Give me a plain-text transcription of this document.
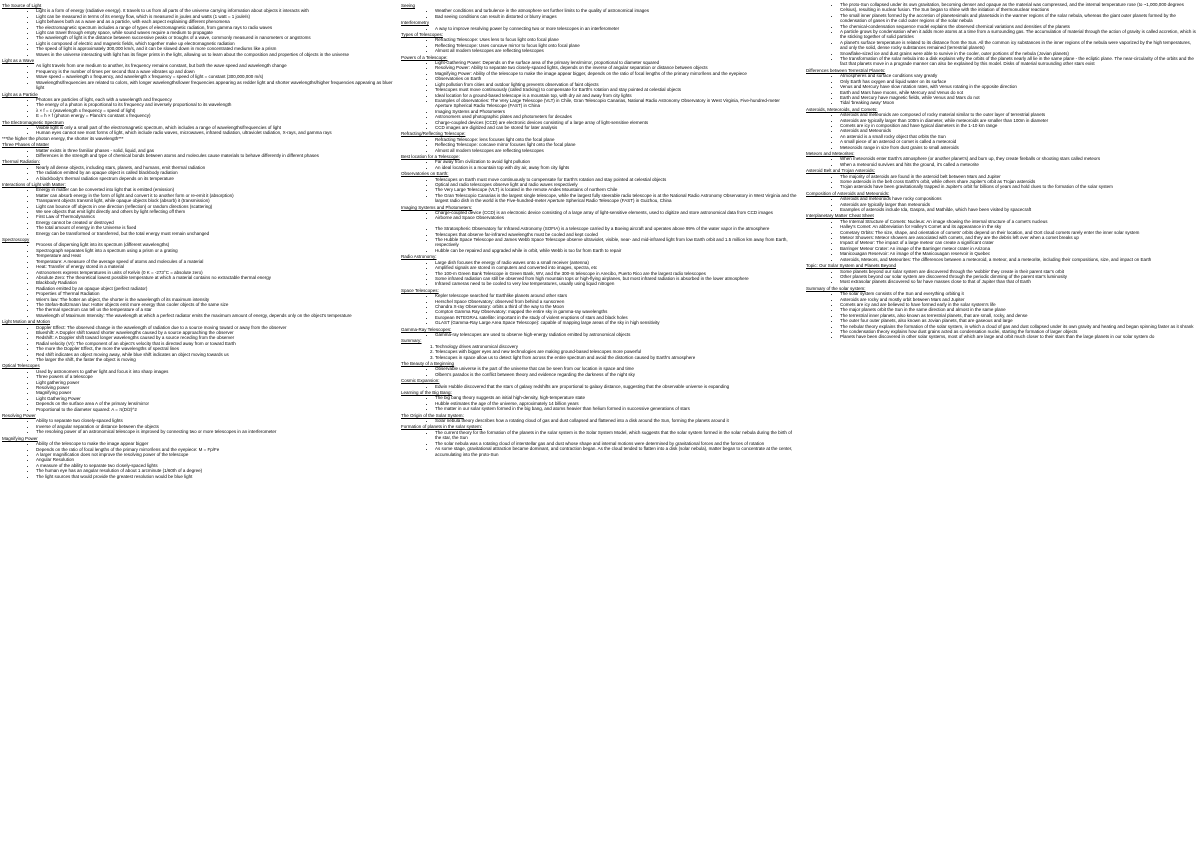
The Source of Light
• Light is a form of energy (radiative energy). It travels to us from all parts of the universe carrying information about objects it interacts with
• Light can be measured in terms of its energy flow, which is measured in joules and watts (1 watt = 1 joule/s)
• Light behaves both as a wave and as a particle, with each aspect explaining different phenomena
• The electromagnetic spectrum includes a range of types of electromagnetic radiation, from gamma rays to radio waves
• Light can travel through empty space, while sound waves require a medium to propagate
• The wavelength of light is the distance between successive peaks or troughs of a wave, commonly measured in nanometers or angstroms
• Light is composed of electric and magnetic fields, which together make up electromagnetic radiation
• The speed of light is approximately 300,000 km/s, and it can be slowed down in more concentrated mediums like a prism
• Waves in the universe interacting with light has its finger prints in the light, allowing us to learn about the composition and properties of objects in the universe
Light as a Wave
• As light travels from one medium to another, its frequency remains constant, but both the wave speed and wavelength change
• Frequency is the number of times per second that a wave vibrates up and down
• Wave speed = wavelength x frequency, and wavelength x frequency = speed of light = constant (300,000,000 m/s)
• Wavelengths/frequencies are related to colors, with longer wavelengths/lower frequencies appearing as redder light and shorter wavelengths/higher frequencies appearing as bluer light
Light as a Particle
• Photons are particles of light, each with a wavelength and frequency
• The energy of a photon is proportional to its frequency and inversely proportional to its wavelength
• λ × f = c (wavelength x frequency = speed of light)
• E = h × f (photon energy = Planck's constant x frequency)
The Electromagnetic Spectrum
• Visible light is only a small part of the electromagnetic spectrum, which includes a range of wavelengths/frequencies of light
• Human eyes cannot see most forms of light, which include radio waves, microwaves, infrared radiation, ultraviolet radiation, X-rays, and gamma rays
***the higher the photon energy, the shorter its wavelength***
Three Phases of Matter
• Matter exists in three familiar phases - solid, liquid, and gas
• Differences in the strength and type of chemical bonds between atoms and molecules cause materials to behave differently in different phases
Thermal Radiation:
• Nearly all dense objects, including stars, planets, and humans, emit thermal radiation
• The radiation emitted by an opaque object is called blackbody radiation
• A blackbody's thermal radiation spectrum depends on its temperature
Interactions of Light with Matter:
• Energy in matter can be converted into light that is emitted (emission)
• Matter can absorb energy in the form of light and convert it to another form or re-emit it (absorption)
• Transparent objects transmit light, while opaque objects block (absorb) it (transmission)
• Light can bounce off objects in one direction (reflection) or random directions (scattering)
• We see objects that emit light directly and others by light reflecting off them
• First Law of Thermodynamics
• Energy cannot be created or destroyed
• The total amount of energy in the Universe is fixed
• Energy can be transformed or transferred, but the total energy must remain unchanged
Spectroscopy
• Process of dispersing light into its spectrum (different wavelengths)
• Spectrograph separates light into a spectrum using a prism or a grating
• Temperature and Heat
• Temperature: A measure of the average speed of atoms and molecules of a material
• Heat: Transfer of energy stored in a material
• Astronomers express temperatures in units of Kelvin (0 K = -273°C = absolute zero)
• Absolute Zero: The theoretical lowest possible temperature at which a material contains no extractable thermal energy
• Blackbody Radiation
• Radiation emitted by an opaque object (perfect radiator)
• Properties of Thermal Radiation
• Wien's law: The hotter an object, the shorter is the wavelength of its maximum intensity
• The Stefan-Boltzmann law: Hotter objects emit more energy than cooler objects of the same size
• The thermal spectrum can tell us the temperature of a star
• Wavelength of Maximum Intensity: The wavelength at which a perfect radiator emits the maximum amount of energy, depends only on the object's temperature
Light Motion and Motion
• Doppler Effect: The observed change in the wavelength of radiation due to a source moving toward or away from the observer
• Blueshift: A Doppler shift toward shorter wavelengths caused by a source approaching the observer
• Redshift: A Doppler shift toward longer wavelengths caused by a source receding from the observer
• Radial velocity (Vr): The component of an object's velocity that is directed away from or toward Earth
• The more the Doppler Effect, the more the wavelengths of spectral lines
• Red shift indicates an object moving away, while blue shift indicates an object moving towards us
• The larger the shift, the faster the object is moving
Optical Telescopes
• Used by astronomers to gather light and focus it into sharp images
• Three powers of a telescope
• Light gathering power
• Resolving power
• Magnifying power
• Light Gathering Power
• Depends on the surface area A of the primary lens/mirror
• Proportional to the diameter squared: A = π(D/2)^2
Resolving Power
• Ability to separate two closely-spaced lights
• Inverse of angular separation or distance between the objects
• The resolving power of an astronomical telescope is improved by connecting two or more telescopes in an interferometer
Magnifying Power
• Ability of the telescope to make the image appear bigger
• Depends on the ratio of focal lengths of the primary mirror/lens and the eyepiece: M = Fp/Fe
• A larger magnification does not improve the resolving power of the telescope
• Angular Resolution
• A measure of the ability to separate two closely-spaced lights
• The human eye has an angular resolution of about 1 arcminute (1/60th of a degree)
• The light sources that would provide the greatest resolution would be blue light
Seeing
• Weather conditions and turbulence in the atmosphere set further limits to the quality of astronomical images
• Bad seeing conditions can result in distorted or blurry images
Interferometry
• A way to improve resolving power by connecting two or more telescopes in an interferometer
Types of Telescopes:
• Refracting Telescope: Uses lens to focus light onto focal plane
• Reflecting Telescope: Uses concave mirror to focus light onto focal plane
• Almost all modern telescopes are reflecting telescopes
Powers of a Telescope:
• Light-Gathering Power: Depends on the surface area of the primary lens/mirror, proportional to diameter squared
• Resolving Power: Ability to separate two closely-spaced lights, depends on the inverse of angular separation or distance between objects
• Magnifying Power: Ability of the telescope to make the image appear bigger, depends on the ratio of focal lengths of the primary mirror/lens and the eyepiece
• Observatories on Earth
• Light pollution from cities and outdoor lighting prevents observation of faint objects
• Telescopes must move continuously (called tracking) to compensate for Earth's rotation and stay pointed at celestial objects
• Ideal location for a ground-based telescope is a mountain top, with dry air and away from city lights
• Examples of observatories: The Very Large Telescope (VLT) in Chile, Gran Telescopio Canarias, National Radio Astronomy Observatory in West Virginia, Five-hundred-meter Aperture Spherical Radio Telescope (FAST) in China
• Imaging Systems and Photometers
• Astronomers used photographic plates and photometers for decades
• Charge-coupled devices (CCD) are electronic devices consisting of a large array of light-sensitive elements
• CCD images are digitized and can be stored for later analysis
Refracting/Reflecting Telescope:
• Refracting Telescope: lens focuses light onto the focal plane
• Reflecting Telescope: concave mirror focuses light onto the focal plane
• Almost all modern telescopes are reflecting telescopes
Best location for a Telescope:
• Far away from civilization to avoid light pollution
• An ideal location is a mountain top with dry air, away from city lights
Observatories on Earth:
• Telescopes on Earth must move continuously to compensate for Earth's rotation and stay pointed at celestial objects
• Optical and radio telescopes observe light and radio waves respectively
• The Very Large Telescope (VLT) is located in the remote Andes Mountains of northern Chile
• The Gran Telescopio Canarias is the largest single telescope, while the largest fully steerable radio telescope is at the National Radio Astronomy Observatory in West Virginia and the largest radio dish in the world is the Five-hundred-meter Aperture Spherical Radio Telescope (FAST) in Guizhou, China
Imaging Systems and Photometers:
• Charge-coupled device (CCD) is an electronic device consisting of a large array of light-sensitive elements, used to digitize and store astronomical data from CCD images
• Airborne and Space Observatories

• The Stratospheric Observatory for Infrared Astronomy (SOFIA) is a telescope carried by a Boeing aircraft and operates above 99% of the water vapor in the atmosphere
• Telescopes that observe far-infrared wavelengths must be cooled and kept cooled
• The Hubble Space Telescope and James Webb Space Telescope observe ultraviolet, visible, near- and mid-infrared light from low Earth orbit and 1.5 million km away from Earth, respectively
• Hubble can be repaired and upgraded while in orbit, while Webb is too far from Earth to repair
Radio Astronomy:
• Large dish focuses the energy of radio waves onto a small receiver (antenna)
• Amplified signals are stored in computers and converted into images, spectra, etc
• The 100-m Green Bank Telescope in Green Bank, WV, and the 300-m telescope in Arecibo, Puerto Rico are the largest radio telescopes
• Some infrared radiation can still be observed from high mountain tops or high-flying airplanes, but most infrared radiation is absorbed in the lower atmosphere
• Infrared cameras need to be cooled to very low temperatures, usually using liquid nitrogen
Space Telescopes:
• Kepler telescope searched for Earthlike planets around other stars
• Herschel Space Observatory: observed from behind a sunscreen
• Chandra X-ray Observatory: orbits a third of the way to the Moon
• Compton Gamma Ray Observatory: mapped the entire sky in gamma-ray wavelengths
• European INTEGRAL satellite: important in the study of violent eruptions of stars and black holes
• GLAST (Gamma-Ray Large Area Space Telescope): capable of mapping large areas of the sky in high sensitivity
Gamma-Ray Telescopes:
• Gamma-ray telescopes are used to observe high-energy radiation emitted by astronomical objects
Summary:
1. Technology drives astronomical discovery
2. Telescopes with bigger eyes and new technologies are making ground-based telescopes more powerful
3. Telescopes in space allow us to detect light from across the entire spectrum and avoid the distortion caused by Earth's atmosphere
The Beauty of a Beginning
• Observable universe is the part of the universe that can be seen from our location in space and time
• Olbers's paradox is the conflict between theory and evidence regarding the darkness of the night sky
Cosmic Expansion:
• Edwin Hubble discovered that the stars of galaxy redshifts are proportional to galaxy distance, suggesting that the observable universe is expanding
Learning of the Big Bang:
• The big bang theory suggests an initial high-density, high-temperature state
• Hubble estimates the age of the universe, approximately 14 billion years
• The matter in our solar system formed in the big bang, and atoms heavier than helium formed in successive generations of stars
The Origin of the Solar System:
• Solar nebula theory describes how a rotating cloud of gas and dust collapsed and flattened into a disk around the Sun, forming the planets around it
Formation of planets in the solar system:
• The current theory for the formation of the planets in the solar system is the Solar System Model, which suggests that the solar system formed in the solar nebula during the birth of the star, the Sun
• The solar nebula was a rotating cloud of interstellar gas and dust whose shape and internal motions were determined by gravitational forces and the forces of rotation
• As some stage, gravitational attraction became dominant, and contraction began. As the cloud tended to flatten into a disk (solar nebula), matter began to concentrate at the center, accumulating into the proto-Sun
• The proto-Sun collapsed under its own gravitation, becoming denser and opaque as the material was compressed, and the internal temperature rose (to ~1,000,000 degrees Celsius), resulting in nuclear fusion. The Sun began to shine with the initiation of thermonuclear reactions
• The small inner planets formed by the accretion of planetesimals and planetoids in the warmer regions of the solar nebula, whereas the giant outer planets formed by the condensation of gases in the cold outer regions of the solar nebula
• The chemical-condensation sequence model explains the observed chemical variations and densities of the planets
• A particle grows by condensation when it adds more atoms at a time from a surrounding gas. The accumulation of material through the action of gravity is called accretion, which is the sticking together of solid particles
• A planet's surface temperature is related to its distance from the Sun. All the common icy substances in the inner regions of the nebula were vaporized by the high temperatures, and only the solid, dense rocky substances remained (terrestrial planets)
• Snowflake-sized ice and dust grains were able to survive in the cooler, outer portions of the nebula (Jovian planets)
• The transformation of the solar nebula into a disk explains why the orbits of the planets nearly all lie in the same plane - the ecliptic plane. The near-circularity of the orbits and the fact that planets move in a prograde manner can also be explained by this model. Disks of material surrounding other stars exist
Differences between Terrestrial Planets:
• Atmospheres and surface conditions vary greatly
• Only Earth has oxygen and liquid water on its surface
• Venus and Mercury have slow rotation rates, with Venus rotating in the opposite direction
• Earth and Mars have moons, while Mercury and Venus do not
• Earth and Mercury have magnetic fields, while Venus and Mars do not
• Tidal 'breaking away' Moon
Asteroids, Meteoroids, and Comets:
• Asteroids and meteoroids are composed of rocky material similar to the outer layer of terrestrial planets
• Asteroids are typically larger than 100m in diameter, while meteoroids are smaller than 100m in diameter
• Comets are icy in composition and have typical diameters in the 1-10 km range
• Asteroids and Meteoroids
• An asteroid is a small rocky object that orbits the Sun
• A small piece of an asteroid or comet is called a meteoroid
• Meteoroids range in size from dust grains to small asteroids
Meteors and Meteorites:
• When meteoroids enter Earth's atmosphere (or another planet's) and burn up, they create fireballs or shooting stars called meteors
• When a meteoroid survives and hits the ground, it's called a meteorite
Asteroid Belt and Trojan Asteroids:
• The majority of asteroids are found in the asteroid belt between Mars and Jupiter
• Some asteroids in the belt cross Earth's orbit, while others share Jupiter's orbit as Trojan asteroids
• Trojan asteroids have been gravitationally trapped in Jupiter's orbit for billions of years and hold clues to the formation of the solar system
Composition of Asteroids and Meteoroids:
• Asteroids and meteoroids have rocky compositions
• Asteroids are typically larger than meteoroids
• Examples of asteroids include Ida, Gaspra, and Mathilde, which have been visited by spacecraft
Interplanetary Matter Cheat Sheet
• The Internal Structure of Comets: Nucleus: An image showing the internal structure of a comet's nucleus
• Halley's Comet: An abbreviation for Halley's Comet and its appearance in the sky
• Cometary Orbits: The size, shape, and orientation of comets' orbits depend on their location, and Oort cloud comets rarely enter the inner solar system
• Meteor Showers: Meteor showers are associated with comets, and they are the debris left over when a comet breaks up
• Impact of Meteor: The impact of a large meteor can create a significant crater
• Barringer Meteor Crater: An image of the Barringer meteor crater in Arizona
• Manicouagan Reservoir: An image of the Manicouagan reservoir in Quebec
• Asteroids, Meteors, and Meteorites: The differences between a meteoroid, a meteor, and a meteorite, including their compositions, size, and impact on Earth
Topic: Our Solar System and Planets Beyond
• Some planets beyond our solar system are discovered through the 'wobble' they create in their parent star's orbit
• Other planets beyond our solar system are discovered through the periodic dimming of the parent star's luminosity
• Most extrasolar planets discovered so far have masses close to that of Jupiter than that of Earth
Summary of the solar system:
• The solar system consists of the Sun and everything orbiting it
• Asteroids are rocky and mostly orbit between Mars and Jupiter
• Comets are icy and are believed to have formed early in the solar system's life
• The major planets orbit the Sun in the same direction and almost in the same plane
• The terrestrial inner planets, also known as terrestrial planets, that are small, rocky, and dense
• The outer four outer planets, also known as Jovian planets, that are gaseous and large
• The nebular theory explains the formation of the solar system, in which a cloud of gas and dust collapsed under its own gravity and heating and began spinning faster as it shrank
• The condensation theory explains how dust grains acted as condensation nuclei, starting the formation of larger objects
• Planets have been discovered in other solar systems, most of which are large and orbit much closer to their stars than the large planets in our solar system do
